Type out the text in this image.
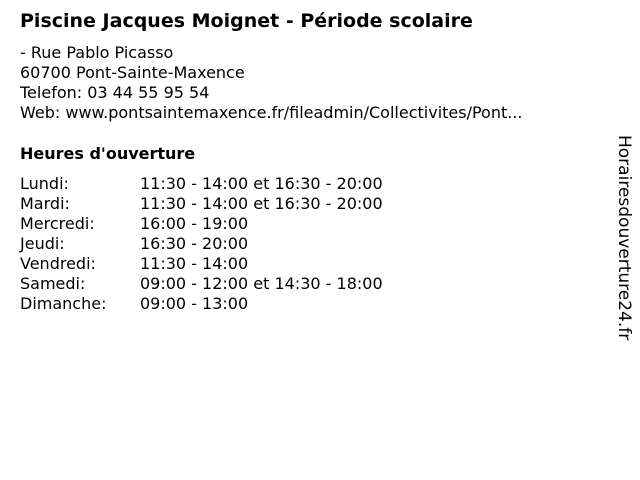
Piscine Jacques Moignet - Période scolaire
- Rue Pablo Picasso
60700 Pont-Sainte-Maxence
Telefon: 03 44 55 95 54
Web: www.pontsaintemaxence.fr/fileadmin/Collectivites/Pont...
Heures d'ouverture
Lundi:	11:30 - 14:00 et 16:30 - 20:00
Mardi:	11:30 - 14:00 et 16:30 - 20:00
Mercredi:	16:00 - 19:00
Jeudi:	16:30 - 20:00
Vendredi:	11:30 - 14:00
Samedi:	09:00 - 12:00 et 14:30 - 18:00
Dimanche:	09:00 - 13:00	Horairesdouverture24.fr
